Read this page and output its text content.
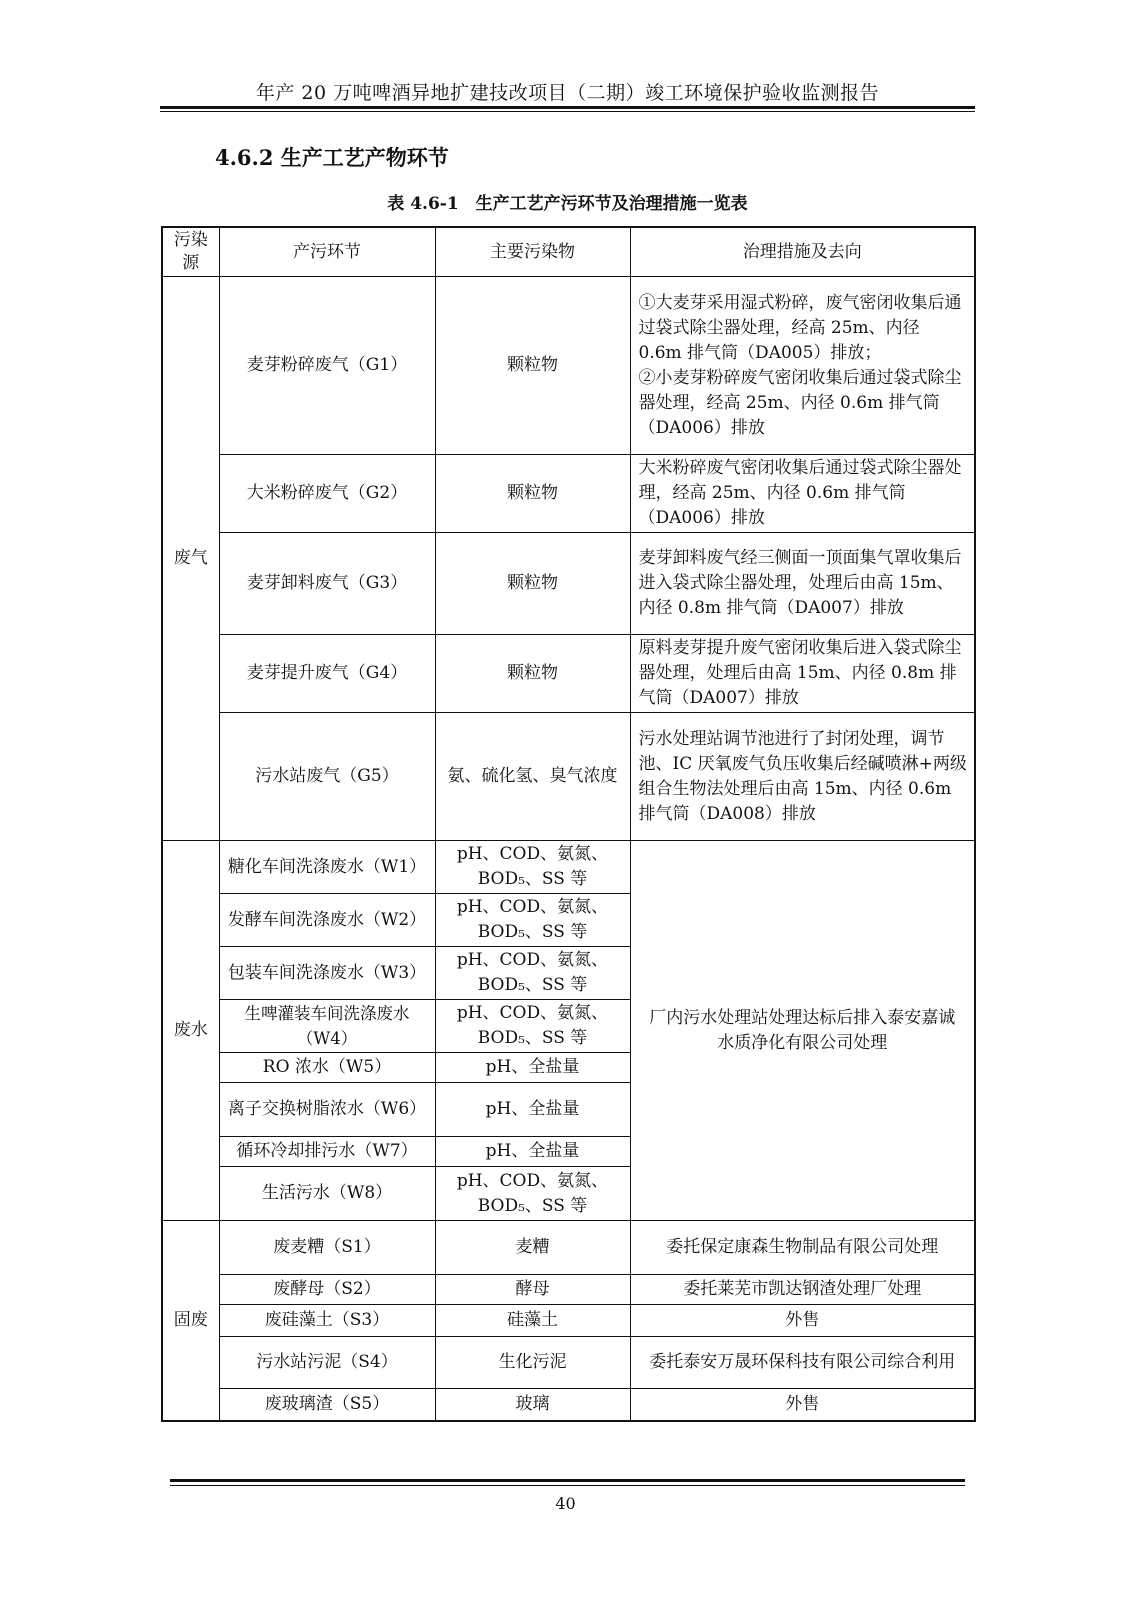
年产 20 万吨啤酒异地扩建技改项目（二期）竣工环境保护验收监测报告
4.6.2 生产工艺产物环节
表 4.6-1　生产工艺产污环节及治理措施一览表
污染源	产污环节	主要污染物	治理措施及去向
废气	麦芽粉碎废气（G1）	颗粒物	①大麦芽采用湿式粉碎，废气密闭收集后通过袋式除尘器处理，经高 25m、内径 0.6m 排气筒（DA005）排放；
②小麦芽粉碎废气密闭收集后通过袋式除尘器处理，经高 25m、内径 0.6m 排气筒（DA006）排放

	大米粉碎废气（G2）	颗粒物	大米粉碎废气密闭收集后通过袋式除尘器处理，经高 25m、内径 0.6m 排气筒（DA006）排放
	麦芽卸料废气（G3）	颗粒物	麦芽卸料废气经三侧面一顶面集气罩收集后进入袋式除尘器处理，处理后由高 15m、内径 0.8m 排气筒（DA007）排放
	麦芽提升废气（G4）	颗粒物	原料麦芽提升废气密闭收集后进入袋式除尘器处理，处理后由高 15m、内径 0.8m 排气筒（DA007）排放
	污水站废气（G5）	氨、硫化氢、臭气浓度	污水处理站调节池进行了封闭处理，调节池、IC 厌氧废气负压收集后经碱喷淋+两级组合生物法处理后由高 15m、内径 0.6m 排气筒（DA008）排放
废水	糖化车间洗涤废水（W1）	pH、COD、氨氮、BOD₅、SS 等	厂内污水处理站处理达标后排入泰安嘉诚水质净化有限公司处理
	发酵车间洗涤废水（W2）	pH、COD、氨氮、BOD₅、SS 等	
	包装车间洗涤废水（W3）	pH、COD、氨氮、BOD₅、SS 等	
	生啤灌装车间洗涤废水（W4）	pH、COD、氨氮、BOD₅、SS 等	
	RO 浓水（W5）	pH、全盐量	
	离子交换树脂浓水（W6）	pH、全盐量	
	循环冷却排污水（W7）	pH、全盐量	
	生活污水（W8）	pH、COD、氨氮、BOD₅、SS 等	
固废	废麦糟（S1）	麦糟	委托保定康森生物制品有限公司处理
	废酵母（S2）	酵母	委托莱芜市凯达钢渣处理厂处理
	废硅藻土（S3）	硅藻土	外售
	污水站污泥（S4）	生化污泥	委托泰安万晟环保科技有限公司综合利用
	废玻璃渣（S5）	玻璃	外售
40
